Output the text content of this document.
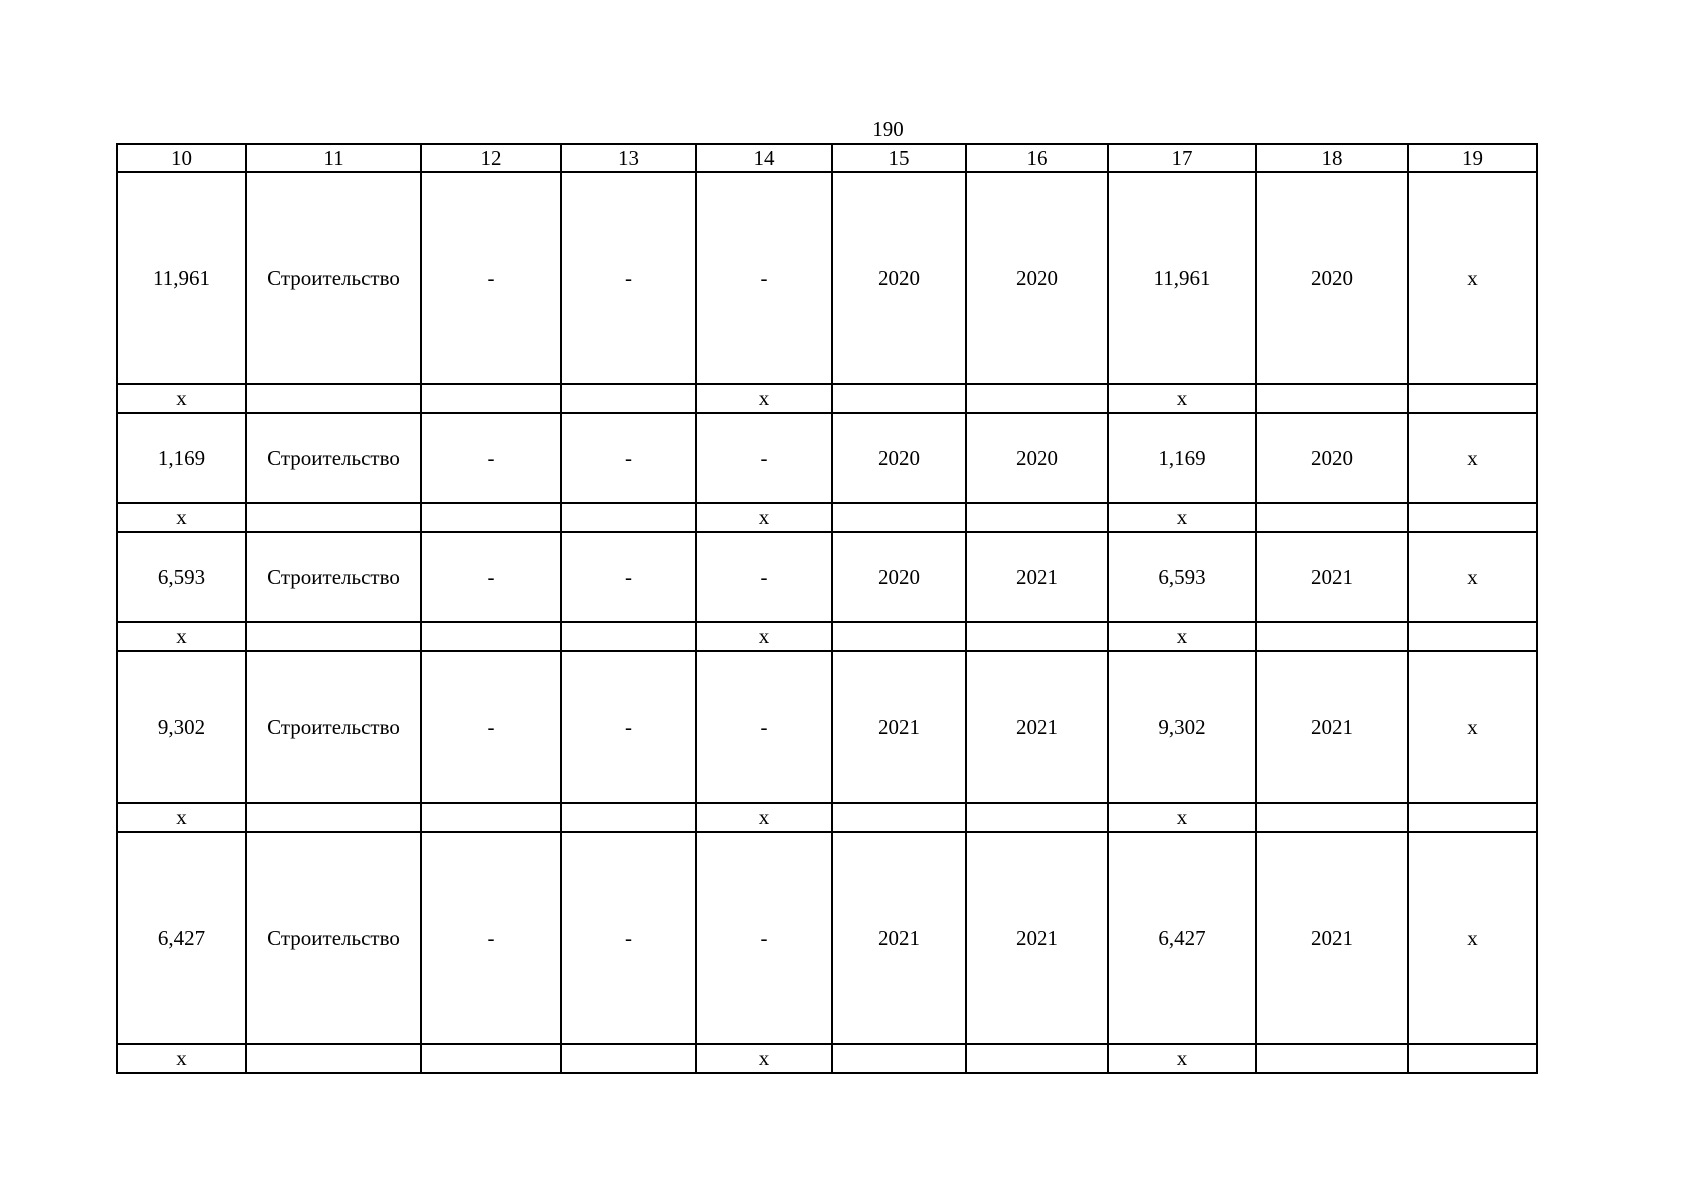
190
10	11	12	13	14	15	16	17	18	19
11,961	Строительство	-	-	-	2020	2020	11,961	2020	х
х				х			х		
1,169	Строительство	-	-	-	2020	2020	1,169	2020	х
х				х			х		
6,593	Строительство	-	-	-	2020	2021	6,593	2021	х
х				х			х		
9,302	Строительство	-	-	-	2021	2021	9,302	2021	х
х				х			х		
6,427	Строительство	-	-	-	2021	2021	6,427	2021	х
х				х			х		
